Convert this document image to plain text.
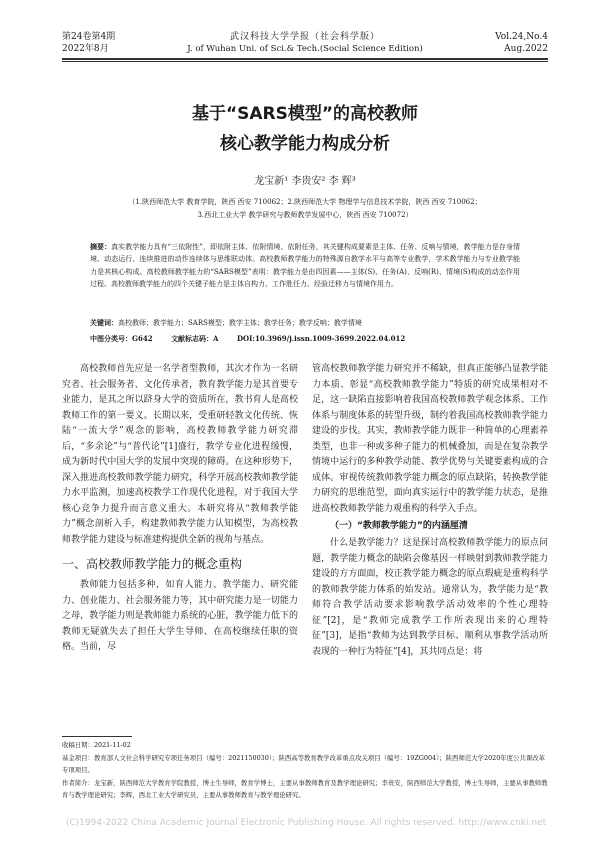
第24卷第4期
2022年8月
武汉科技大学学报（社会科学版）
J. of Wuhan Uni. of Sci.& Tech.(Social Science Edition)
Vol.24,No.4
Aug.2022
基于“SARS模型”的高校教师
核心教学能力构成分析
龙宝新¹ 李贵安² 李 辉³
（1.陕西师范大学 教育学院，陕西 西安 710062；2.陕西师范大学 物理学与信息技术学院，陕西 西安 710062；
3.西北工业大学 教学研究与教师教学发展中心，陕西 西安 710072）
摘要：真实教学能力具有“三依附性”，即依附主体、依附情境、依附任务，其关键构成要素是主体、任务、反响与情境，教学能力是存身情境、动态运行、连续推进的动作连续体与思维联动体。高校教师教学能力的特殊源自教学水平与高等专业教学，学术教学能力与专业教学能力是其核心构成。高校教师教学能力的“SARS模型”表明：教学能力是由四因素——主体(S)、任务(A)、反响(R)、情境(S)构成的动态作用过程。高校教师教学能力的四个关键子能力是主体自构力、工作胜任力、经验迁移力与情境作用力。
关键词：高校教师；教学能力；SARS模型；教学主体；教学任务；教学反响；教学情境
中图分类号：G642	文献标志码：A	DOI:10.3969/j.issn.1009-3699.2022.04.012

高校教师首先应是一名学者型教师，其次才作为一名研究者、社会服务者、文化传承者，教育教学能力是其首要专业能力，是其之所以跻身大学的资质所在，教书育人是高校教师工作的第一要义。长期以来，受重研轻教文化传统、恢陆“一流大学”观念的影响，高校教师教学能力研究滞后，“多余论”与“普代论”[1]盛行，教学专业化进程缓慢，成为新时代中国大学的发展中突现的障碍。在这种形势下，深入推进高校教师教学能力研究，科学开展高校教师教学能力水平监测，加速高校教学工作现代化进程，对于我国大学核心竞争力提升而言意义重大。本研究将从“教师教学能力”概念剖析入手，构建教师教学能力认知模型，为高校教师教学能力建设与标准建构提供全新的视角与基点。

一、高校教师教学能力的概念重构

教师能力包括多种，如育人能力、教学能力、研究能力、创业能力、社会服务能力等，其中研究能力是一切能力之母，教学能力则是教师能力系统的心脏，教学能力低下的教师无疑就失去了担任大学生导师、在高校继续任职的资格。当前，尽

管高校教师教学能力研究并不稀缺，但真正能够凸显教学能力本质、彰显“高校教师教学能力”特质的研究成果相对不足，这一缺陷直接影响着我国高校教师教学观念体系、工作体系与制度体系的转型升级，制约着我国高校教师教学能力建设的步伐。其实，教师教学能力既非一种简单的心理素养类型，也非一种或多种子能力的机械叠加，而是在复杂教学情境中运行的多种教学动能、教学优势与关键要素构成的合成体。审视传统教师教学能力概念的原点缺陷，转换教学能力研究的思维范型，面向真实运行中的教学能力状态，是推进高校教师教学能力观重构的科学入手点。

（一）“教师教学能力”的内涵厘清

什么是教学能力？这是探讨高校教师教学能力的原点问题，教学能力概念的缺陷会像基因一样映射到教师教学能力建设的方方面面，校正教学能力概念的原点瑕疵是重构科学的教师教学能力体系的始发站。通常认为，教学能力是“教师符合教学活动要求影响教学活动效率的个性心理特征”[2]，是“教师完成教学工作所表现出来的心理特征”[3]，是指“教师为达到教学目标、顺利从事教学活动所表现的一种行为特征”[4]，其共同点是：将

收稿日期：2021-11-02
基金项目：教育部人文社会科学研究专项任务项目（编号：2021150030）；陕西高等教育教学改革重点攻关项目（编号：19ZG004）；陕西师范大学2020年度公共课改革专项项目。
作者简介：龙宝新，陕西师范大学教育学院教授，博士生导师，教育学博士，主要从事教师教育及教学理论研究；李贵安，陕西师范大学教授，博士生导师，主要从事教师教育与教学理论研究；李辉，西北工业大学研究员，主要从事教师教育与教学理论研究。
(C)1994-2022 China Academic Journal Electronic Publishing House. All rights reserved. http://www.cnki.net
